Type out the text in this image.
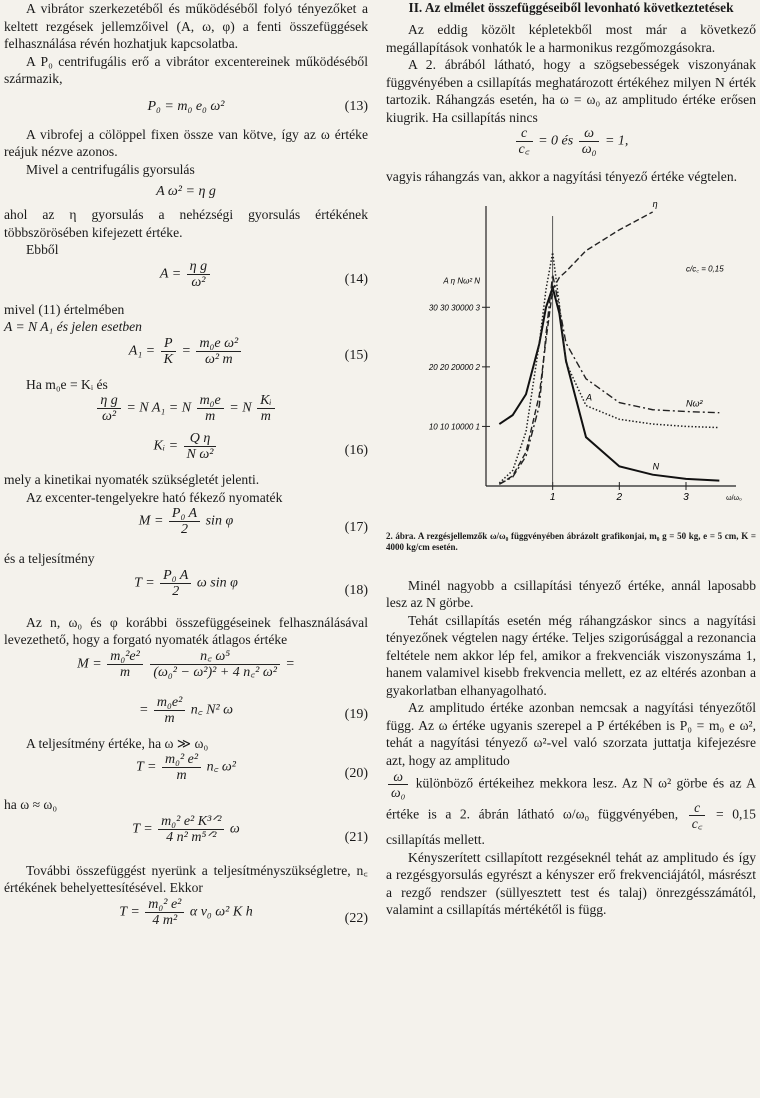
A vibrátor szerkezetéből és működéséből folyó tényezőket a keltett rezgések jellemzőivel (A, ω, φ) a fenti összefüggések felhasználása révén hozhatjuk kapcsolatba.

A P₀ centrifugális erő a vibrátor excentereinek működéséből származik,

P₀ = m₀ e₀ ω²	(13)

A vibrofej a cölöppel fixen össze van kötve, így az ω értéke reájuk nézve azonos.

Mivel a centrifugális gyorsulás

A ω² = η g

ahol az η gyorsulás a nehézségi gyorsulás értékének többszörösében kifejezett értéke.

Ebből

$A = \frac{\text{η g}}{\text{ω²}}$	(14)

mivel (11) értelmében

A = N A₁ és jelen esetben

$A_1 = \frac{P}{K} = \frac{\text{m₀e ω²}}{\text{ω² m}}$	(15)

Ha m₀e = Kᵢ és

$\frac{\text{η g}}{\text{ω²}} = N$ A₁ = N $\frac{\text{m₀e}}{m} = N \frac{\text{Kᵢ}}{m}$
Kᵢ = $\frac{\text{Q η}}{\text{N ω²}}$	(16)

mely a kinetikai nyomaték szükségletét jelenti.

Az excenter-tengelyekre ható fékező nyomaték

$M = \frac{\text{P₀ A}}{2}$ sin φ	(17)

és a teljesítmény

$T = \frac{\text{P₀ A}}{2}$ ω sin φ	(18)

Az n, ω₀ és φ korábbi összefüggéseinek felhasználásával levezethető, hogy a forgató nyomaték átlagos értéke

$M = \frac{\text{m₀²e²}}{m}$
$\frac{\text{n꜀ ω⁵}}{\text{(ω₀² − ω²)² + 4 n꜀² ω²}}$ =
= $\frac{\text{m₀e²}}{m}$ n꜀ N² ω	(19)

A teljesítmény értéke, ha ω ≫ ω₀

$T = \frac{\text{m₀² e²}}{m}$ n꜀ ω²	(20)

ha ω ≈ ω₀

$T = \frac{\text{m₀² e² K³ᐟ²}}{\text{4 n² m⁵ᐟ²}}$ ω
(21)

További összefüggést nyerünk a teljesítményszükségletre, n꜀ értékének behelyettesítésével. Ekkor

$T = \frac{\text{m₀² e²}}{\text{4 m²}}$ α ν₀ ω² K h	(22)
II. Az elmélet összefüggéseiből levonható következtetések

Az eddig közölt képletekből most már a következő megállapítások vonhatók le a harmonikus rezgőmozgásokra.

A 2. ábrából látható, hogy a szögsebességek viszonyának függvényében a csillapítás meghatározott értékéhez milyen N érték tartozik. Ráhangzás esetén, ha ω = ω₀ az amplitudo értéke erősen kiugrik. Ha csillapítás nincs

$\frac{c}{c꜀} = 0$ és $\frac{\omega}{\text{ω₀}} = 1$,

vagyis ráhangzás van, akkor a nagyítási tényező értéke végtelen.

1	2	3	ω/ω₀
10 10 10000 1
20 20 20000 2
30 30 30000 3
A η Nω² N
c/c꜀ = 0,15
N
A
η
Nω²

2. ábra. A rezgésjellemzők ω/ω₀ függvényében ábrázolt grafikonjai, m₀ g = 50 kg, e = 5 cm, K = 4000 kg/cm esetén.

Minél nagyobb a csillapítási tényező értéke, annál laposabb lesz az N görbe.

Tehát csillapítás esetén még ráhangzáskor sincs a nagyítási tényezőnek végtelen nagy értéke. Teljes szigorúsággal a rezonancia feltétele nem akkor lép fel, amikor a frekvenciák viszonyszáma 1, hanem valamivel kisebb frekvencia mellett, ez az eltérés azonban a gyakorlatban elhanyagolható.

Az amplitudo értéke azonban nemcsak a nagyítási tényezőtől függ. Az ω értéke ugyanis szerepel a P értékében is P₀ = m₀ e ω², tehát a nagyítási tényező ω²-vel való szorzata juttatja kifejezésre azt, hogy az amplitudo

$\frac{\omega}{\text{ω₀}}$ különböző értékeihez mekkora lesz. Az N ω² görbe és az A értéke is a 2. ábrán látható ω/ω₀ függvényében, $\frac{c}{c꜀} = 0,15$ csillapítás mellett.

Kényszerített csillapított rezgéseknél tehát az amplitudo és így a rezgésgyorsulás egyrészt a kényszer erő frekvenciájától, másrészt a rezgő rendszer (süllyesztett test és talaj) önrezgésszámától, valamint a csillapítás mértékétől is függ.
